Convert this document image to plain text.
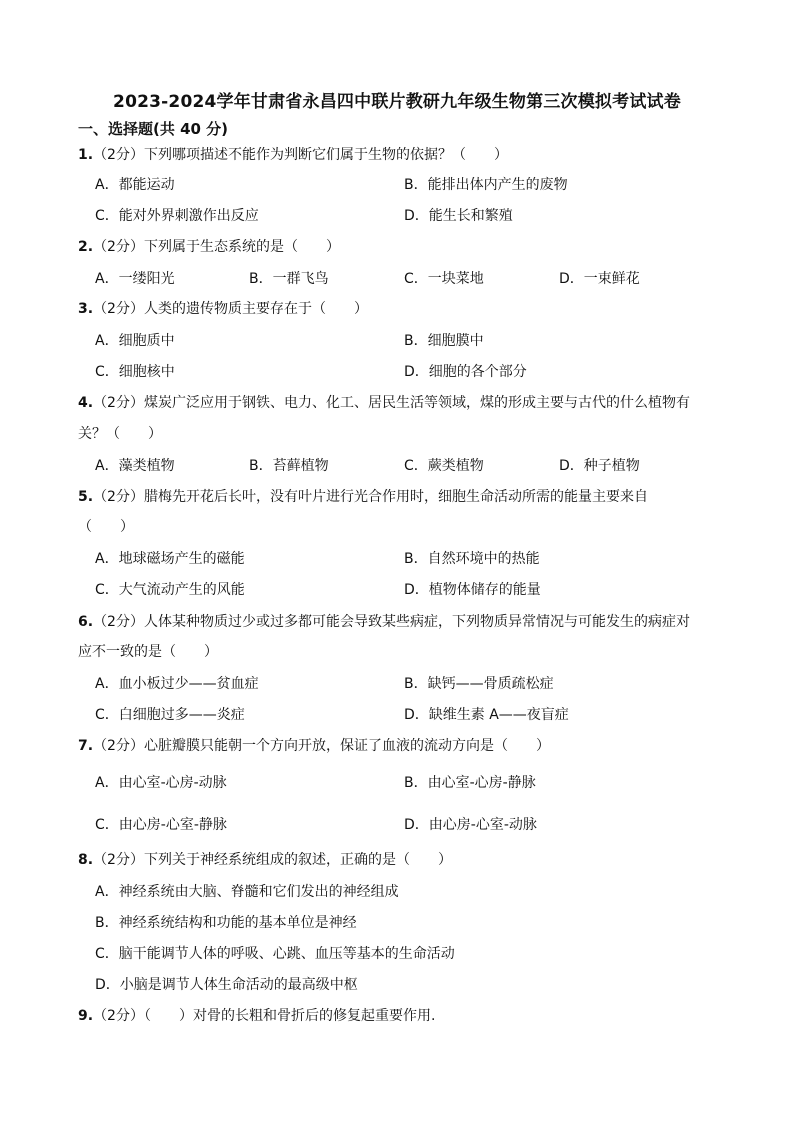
2023-2024学年甘肃省永昌四中联片教研九年级生物第三次模拟考试试卷
一、选择题(共 40 分)
1.（2分）下列哪项描述不能作为判断它们属于生物的依据？（　　）
A．都能运动	B．能排出体内产生的废物
C．能对外界刺激作出反应	D．能生长和繁殖
2.（2分）下列属于生态系统的是（　　）
A．一缕阳光	B．一群飞鸟	C．一块菜地	D．一束鲜花
3.（2分）人类的遗传物质主要存在于（　　）
A．细胞质中	B．细胞膜中
C．细胞核中	D．细胞的各个部分
4.（2分）煤炭广泛应用于钢铁、电力、化工、居民生活等领域，煤的形成主要与古代的什么植物有
关？（　　）
A．藻类植物	B．苔藓植物	C．蕨类植物	D．种子植物
5.（2分）腊梅先开花后长叶，没有叶片进行光合作用时，细胞生命活动所需的能量主要来自
（　　）
A．地球磁场产生的磁能	B．自然环境中的热能
C．大气流动产生的风能	D．植物体储存的能量
6.（2分）人体某种物质过少或过多都可能会导致某些病症，下列物质异常情况与可能发生的病症对
应不一致的是（　　）
A．血小板过少——贫血症	B．缺钙——骨质疏松症
C．白细胞过多——炎症	D．缺维生素 A——夜盲症
7.（2分）心脏瓣膜只能朝一个方向开放，保证了血液的流动方向是（　　）
A．由心室-心房-动脉	B．由心室-心房-静脉
C．由心房-心室-静脉	D．由心房-心室-动脉
8.（2分）下列关于神经系统组成的叙述，正确的是（　　）
A．神经系统由大脑、脊髓和它们发出的神经组成
B．神经系统结构和功能的基本单位是神经
C．脑干能调节人体的呼吸、心跳、血压等基本的生命活动
D．小脑是调节人体生命活动的最高级中枢
9.（2分）（　　）对骨的长粗和骨折后的修复起重要作用.
